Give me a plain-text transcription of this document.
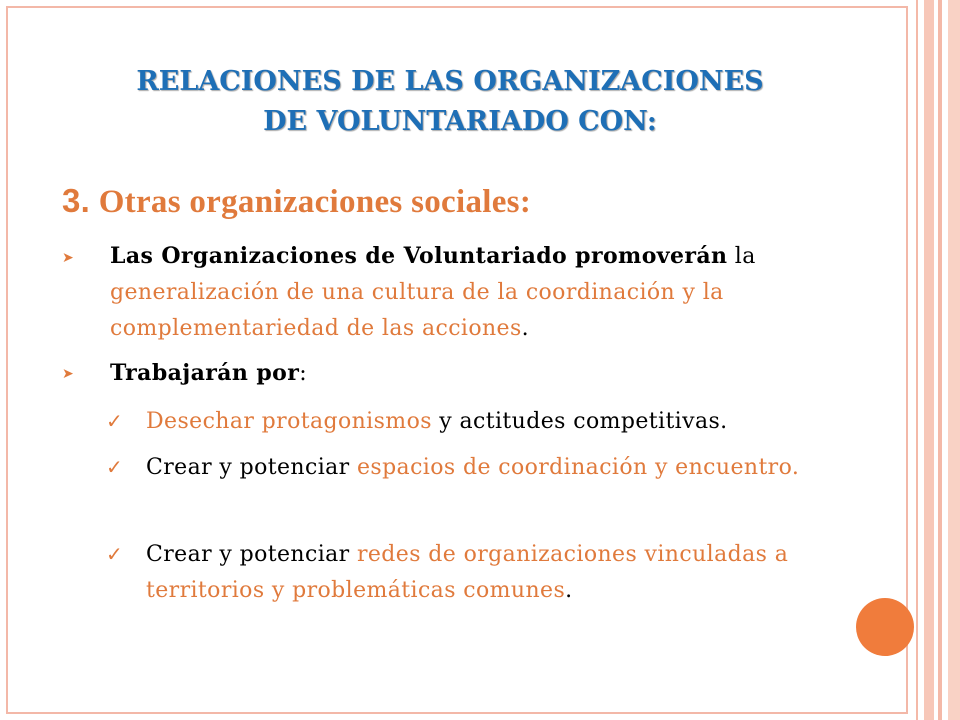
RELACIONES DE LAS ORGANIZACIONES
DE VOLUNTARIADO CON:
3. Otras organizaciones sociales:
➤ Las Organizaciones de Voluntariado promoverán la generalización de una cultura de la coordinación y la complementariedad de las acciones.
➤ Trabajarán por:
✓ Desechar protagonismos y actitudes competitivas.
✓ Crear y potenciar espacios de coordinación y encuentro.
✓ Crear y potenciar redes de organizaciones vinculadas a territorios y problemáticas comunes.
